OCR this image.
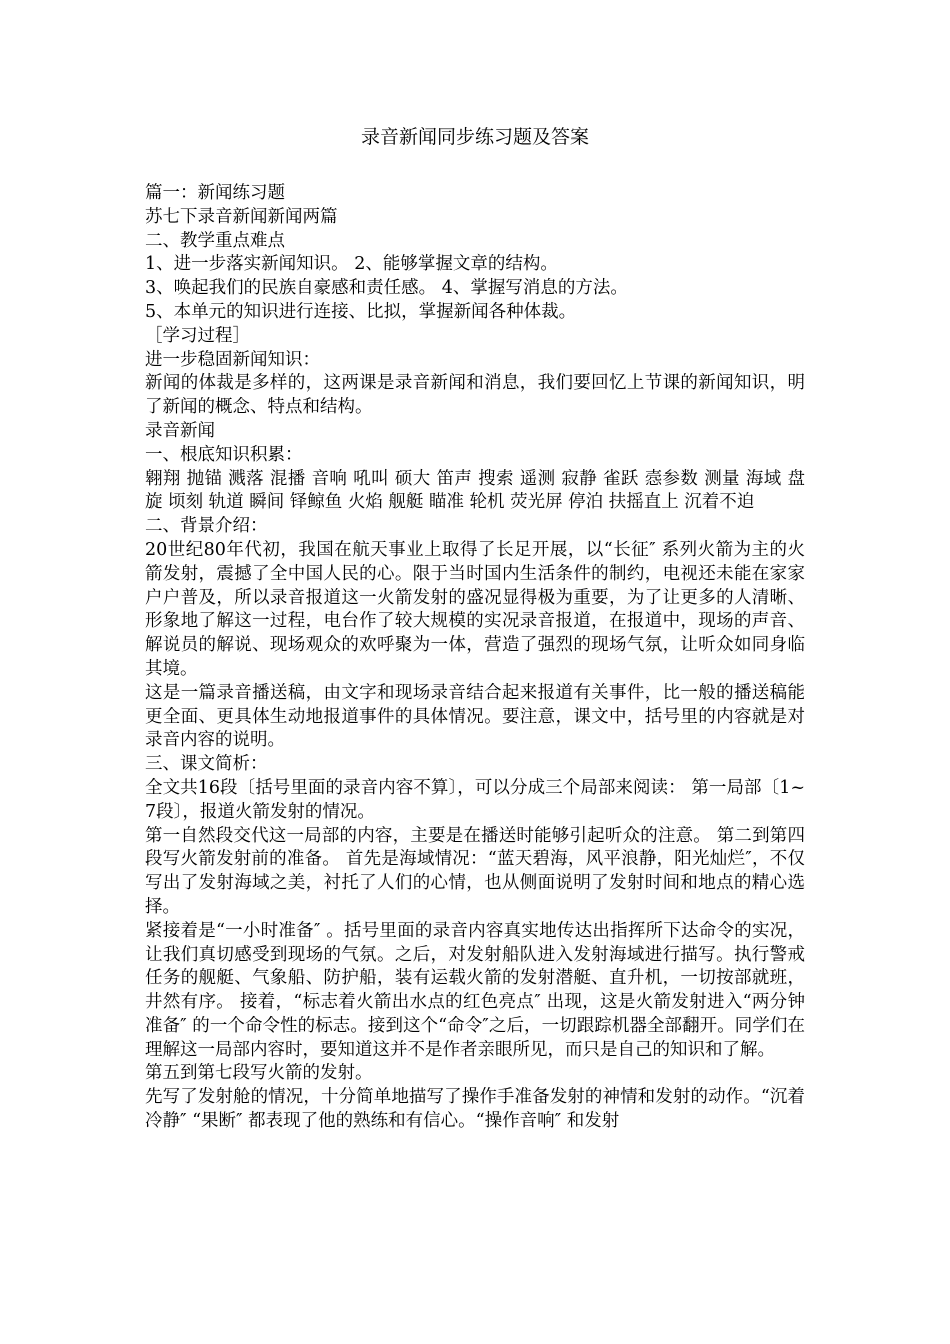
录音新闻同步练习题及答案

篇一：新闻练习题

苏七下录音新闻新闻两篇

二、教学重点难点

1、进一步落实新闻知识。 2、能够掌握文章的结构。

3、唤起我们的民族自豪感和责任感。 4、掌握写消息的方法。

5、本单元的知识进行连接、比拟，掌握新闻各种体裁。

［学习过程］

进一步稳固新闻知识：

新闻的体裁是多样的，这两课是录音新闻和消息，我们要回忆上节课的新闻知识，明了新闻的概念、特点和结构。

录音新闻

一、根底知识积累：

翱翔 抛锚 溅落 混播 音响 吼叫 硕大 笛声 搜索 遥测 寂静 雀跃 悫参数 测量 海域 盘旋 顷刻 轨道 瞬间 铎鲸鱼 火焰 舰艇 瞄准 轮机 荧光屏 停泊 扶摇直上 沉着不迫

二、背景介绍：

20世纪80年代初，我国在航天事业上取得了长足开展，以“长征″ 系列火箭为主的火箭发射，震撼了全中国人民的心。限于当时国内生活条件的制约，电视还未能在家家户户普及，所以录音报道这一火箭发射的盛况显得极为重要，为了让更多的人清晰、形象地了解这一过程，电台作了较大规模的实况录音报道，在报道中，现场的声音、解说员的解说、现场观众的欢呼聚为一体，营造了强烈的现场气氛，让听众如同身临其境。

这是一篇录音播送稿，由文字和现场录音结合起来报道有关事件，比一般的播送稿能更全面、更具体生动地报道事件的具体情况。要注意，课文中，括号里的内容就是对录音内容的说明。

三、课文简析：

全文共16段〔括号里面的录音内容不算〕，可以分成三个局部来阅读： 第一局部〔1~7段〕，报道火箭发射的情况。

第一自然段交代这一局部的内容，主要是在播送时能够引起听众的注意。 第二到第四段写火箭发射前的准备。 首先是海域情况：“蓝天碧海，风平浪静，阳光灿烂″，不仅写出了发射海域之美，衬托了人们的心情，也从侧面说明了发射时间和地点的精心选择。

紧接着是“一小时准备″ 。括号里面的录音内容真实地传达出指挥所下达命令的实况，让我们真切感受到现场的气氛。之后，对发射船队进入发射海域进行描写。执行警戒任务的舰艇、气象船、防护船，装有运载火箭的发射潜艇、直升机，一切按部就班，井然有序。 接着，“标志着火箭出水点的红色亮点″ 出现，这是火箭发射进入“两分钟准备″ 的一个命令性的标志。接到这个“命令″之后，一切跟踪机器全部翻开。同学们在理解这一局部内容时，要知道这并不是作者亲眼所见，而只是自己的知识和了解。

第五到第七段写火箭的发射。

先写了发射舱的情况，十分简单地描写了操作手准备发射的神情和发射的动作。“沉着冷静″ “果断″ 都表现了他的熟练和有信心。“操作音响″ 和发射
